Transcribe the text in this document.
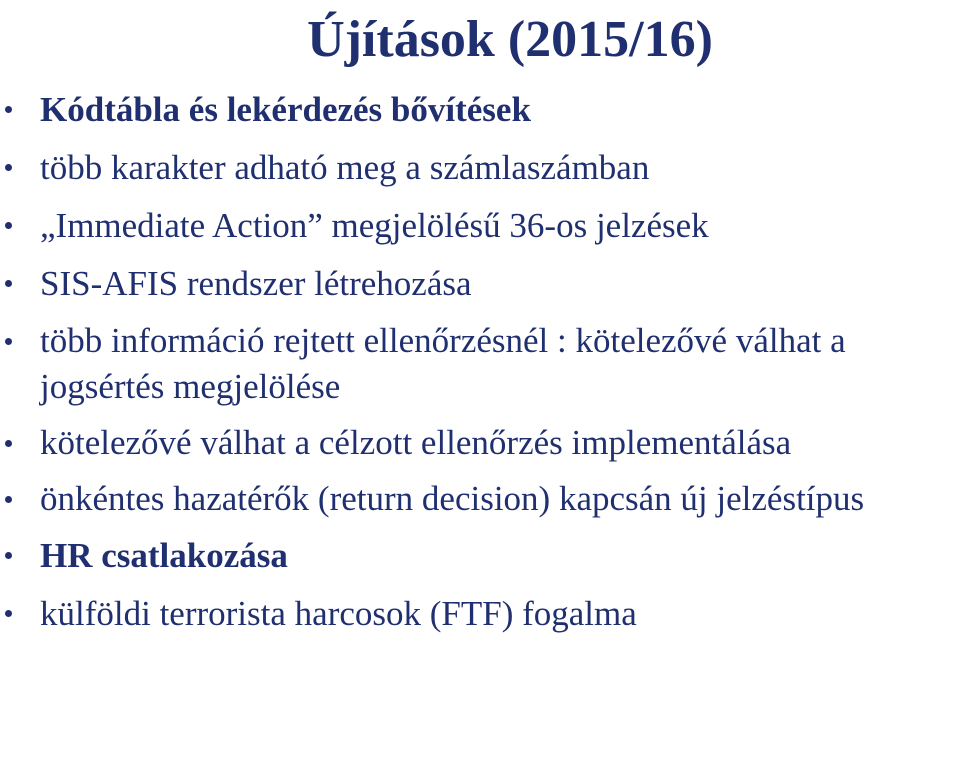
Újítások (2015/16)
Kódtábla és lekérdezés bővítések
több karakter adható meg a számlaszámban
„Immediate Action” megjelölésű 36-os jelzések
SIS-AFIS rendszer létrehozása
több információ rejtett ellenőrzésnél : kötelezővé válhat a jogsértés megjelölése
kötelezővé válhat a célzott ellenőrzés implementálása
önkéntes hazatérők (return decision) kapcsán új jelzéstípus
HR csatlakozása
külföldi terrorista harcosok (FTF) fogalma
